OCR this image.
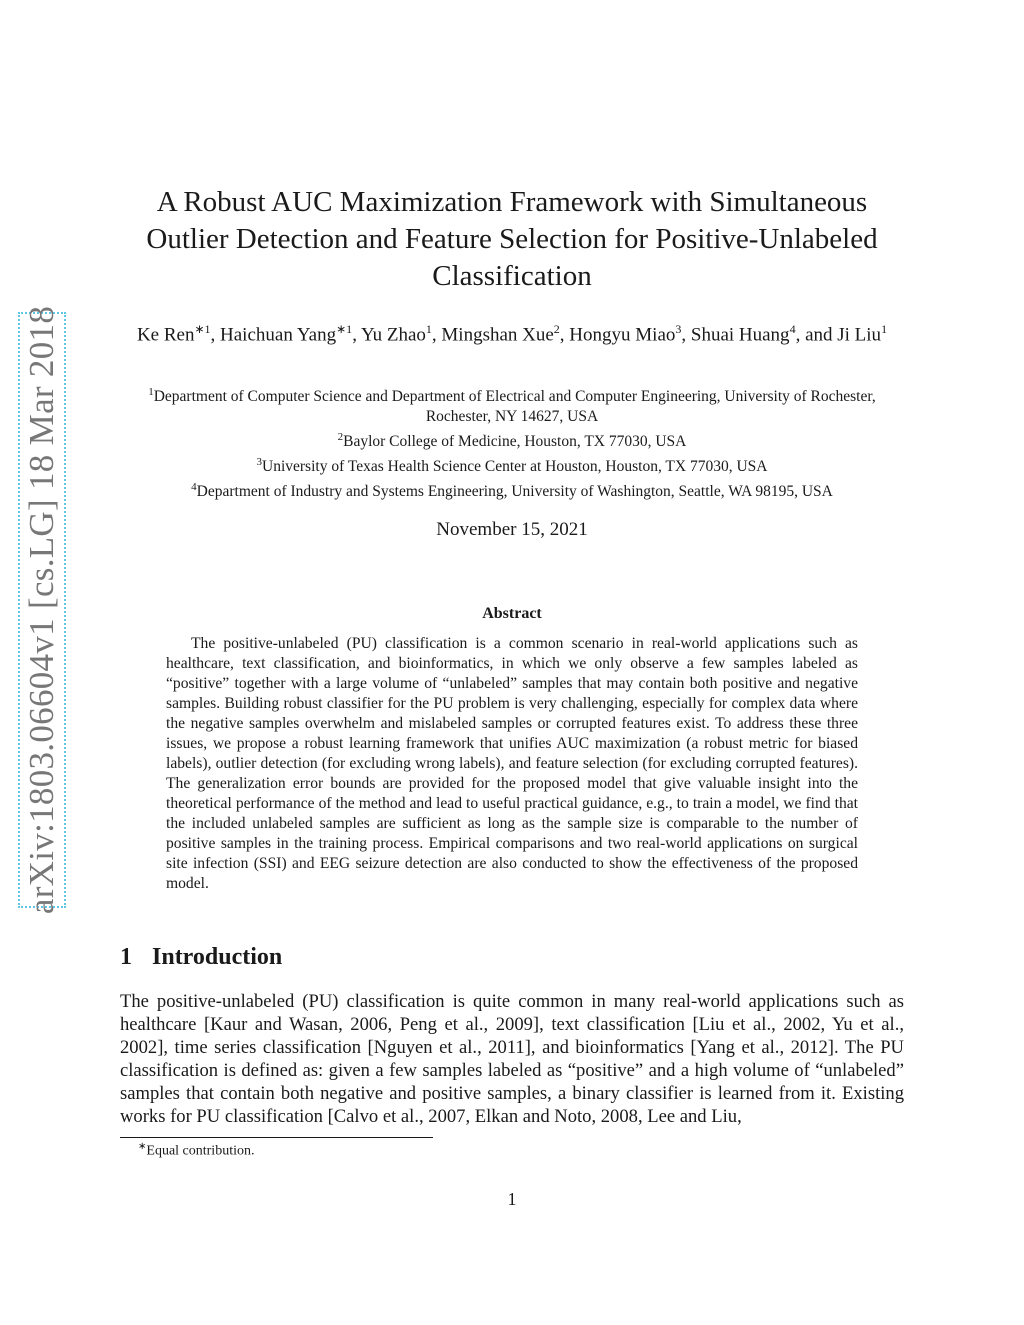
arXiv:1803.06604v1 [cs.LG] 18 Mar 2018
A Robust AUC Maximization Framework with Simultaneous
Outlier Detection and Feature Selection for Positive-Unlabeled
Classification
Ke Ren$^{∗1}$, Haichuan Yang$^{∗1}$, Yu Zhao$^1$, Mingshan Xue$^2$, Hongyu Miao$^3$, Shuai Huang$^4$, and Ji Liu$^1$
$^1$Department of Computer Science and Department of Electrical and Computer Engineering, University of Rochester, Rochester, NY 14627, USA
$^2$Baylor College of Medicine, Houston, TX 77030, USA
$^3$University of Texas Health Science Center at Houston, Houston, TX 77030, USA
$^4$Department of Industry and Systems Engineering, University of Washington, Seattle, WA 98195, USA
November 15, 2021
Abstract

The positive-unlabeled (PU) classification is a common scenario in real-world applications such as healthcare, text classification, and bioinformatics, in which we only observe a few samples labeled as “positive” together with a large volume of “unlabeled” samples that may contain both positive and negative samples. Building robust classifier for the PU problem is very challenging, especially for complex data where the negative samples overwhelm and mislabeled samples or corrupted features exist. To address these three issues, we propose a robust learning framework that unifies AUC maximization (a robust metric for biased labels), outlier detection (for excluding wrong labels), and feature selection (for excluding corrupted features). The generalization error bounds are provided for the proposed model that give valuable insight into the theoretical performance of the method and lead to useful practical guidance, e.g., to train a model, we find that the included unlabeled samples are sufficient as long as the sample size is comparable to the number of positive samples in the training process. Empirical comparisons and two real-world applications on surgical site infection (SSI) and EEG seizure detection are also conducted to show the effectiveness of the proposed model.

1 Introduction

The positive-unlabeled (PU) classification is quite common in many real-world applications such as healthcare [Kaur and Wasan, 2006, Peng et al., 2009], text classification [Liu et al., 2002, Yu et al., 2002], time series classification [Nguyen et al., 2011], and bioinformatics [Yang et al., 2012]. The PU classification is defined as: given a few samples labeled as “positive” and a high volume of “unlabeled” samples that contain both negative and positive samples, a binary classifier is learned from it. Existing works for PU classification [Calvo et al., 2007, Elkan and Noto, 2008, Lee and Liu,

∗Equal contribution.
1
